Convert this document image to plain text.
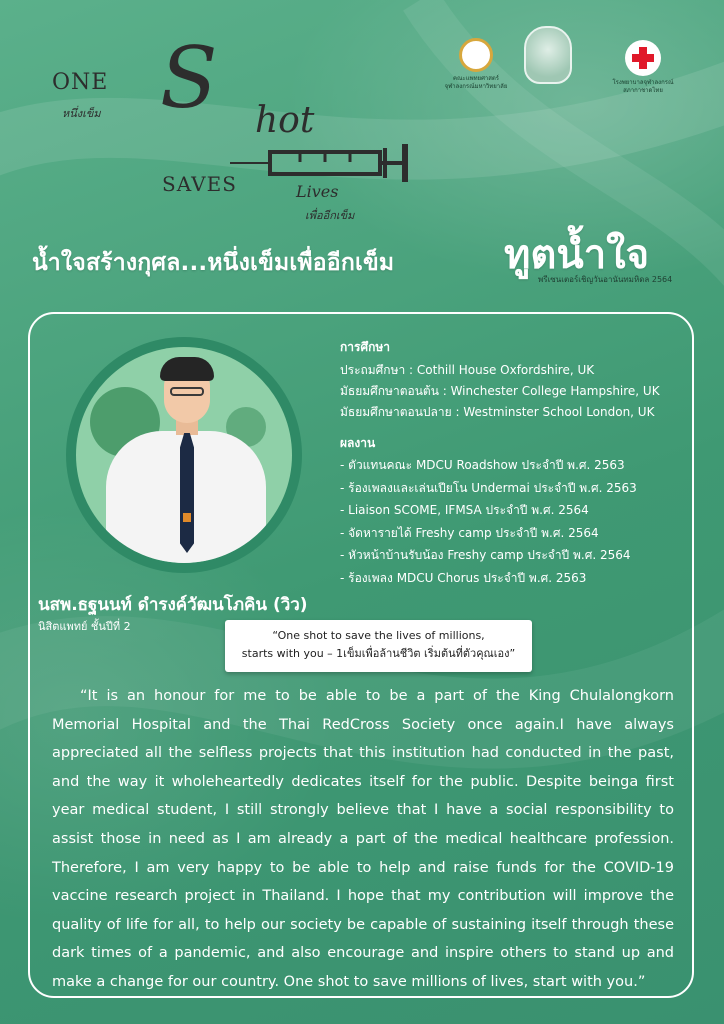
ONE
หนึ่งเข็ม S hot
SAVES	Lives
เพื่ออีกเข็ม
คณะแพทยศาสตร์
จุฬาลงกรณ์มหาวิทยาลัย
โรงพยาบาลจุฬาลงกรณ์
สภากาชาดไทย
น้ำใจสร้างกุศล...หนึ่งเข็มเพื่ออีกเข็ม	ทูตน้ำใจ
พรีเซนเตอร์เชิญวันอานันทมหิดล 2564
การศึกษา
ประถมศึกษา : Cothill House Oxfordshire, UK
มัธยมศึกษาตอนต้น : Winchester College Hampshire, UK
มัธยมศึกษาตอนปลาย : Westminster School London, UK
ผลงาน
- ตัวแทนคณะ MDCU Roadshow ประจำปี พ.ศ. 2563
- ร้องเพลงและเล่นเปียโน Undermai ประจำปี พ.ศ. 2563
- Liaison SCOME, IFMSA ประจำปี พ.ศ. 2564
- จัดหารายได้ Freshy camp ประจำปี พ.ศ. 2564
- หัวหน้าบ้านรับน้อง Freshy camp ประจำปี พ.ศ. 2564
- ร้องเพลง MDCU Chorus ประจำปี พ.ศ. 2563
นสพ.ธฐนนท์ ดำรงค์วัฒนโภคิน (วิว)
นิสิตแพทย์ ชั้นปีที่ 2
“One shot to save the lives of millions,
starts with you – 1เข็มเพื่อล้านชีวิต เริ่มต้นที่ตัวคุณเอง”

“It is an honour for me to be able to be a part of the King Chulalongkorn Memorial Hospital and the Thai RedCross Society once again.I have always appreciated all the selfless projects that this institution had conducted in the past, and the way it wholeheartedly dedicates itself for the public. Despite beinga first year medical student, I still strongly believe that I have a social responsibility to assist those in need as I am already a part of the medical healthcare profession. Therefore, I am very happy to be able to help and raise funds for the COVID-19 vaccine research project in Thailand. I hope that my contribution will improve the quality of life for all, to help our society be capable of sustaining itself through these dark times of a pandemic, and also encourage and inspire others to stand up and make a change for our country. One shot to save millions of lives, start with you.”
